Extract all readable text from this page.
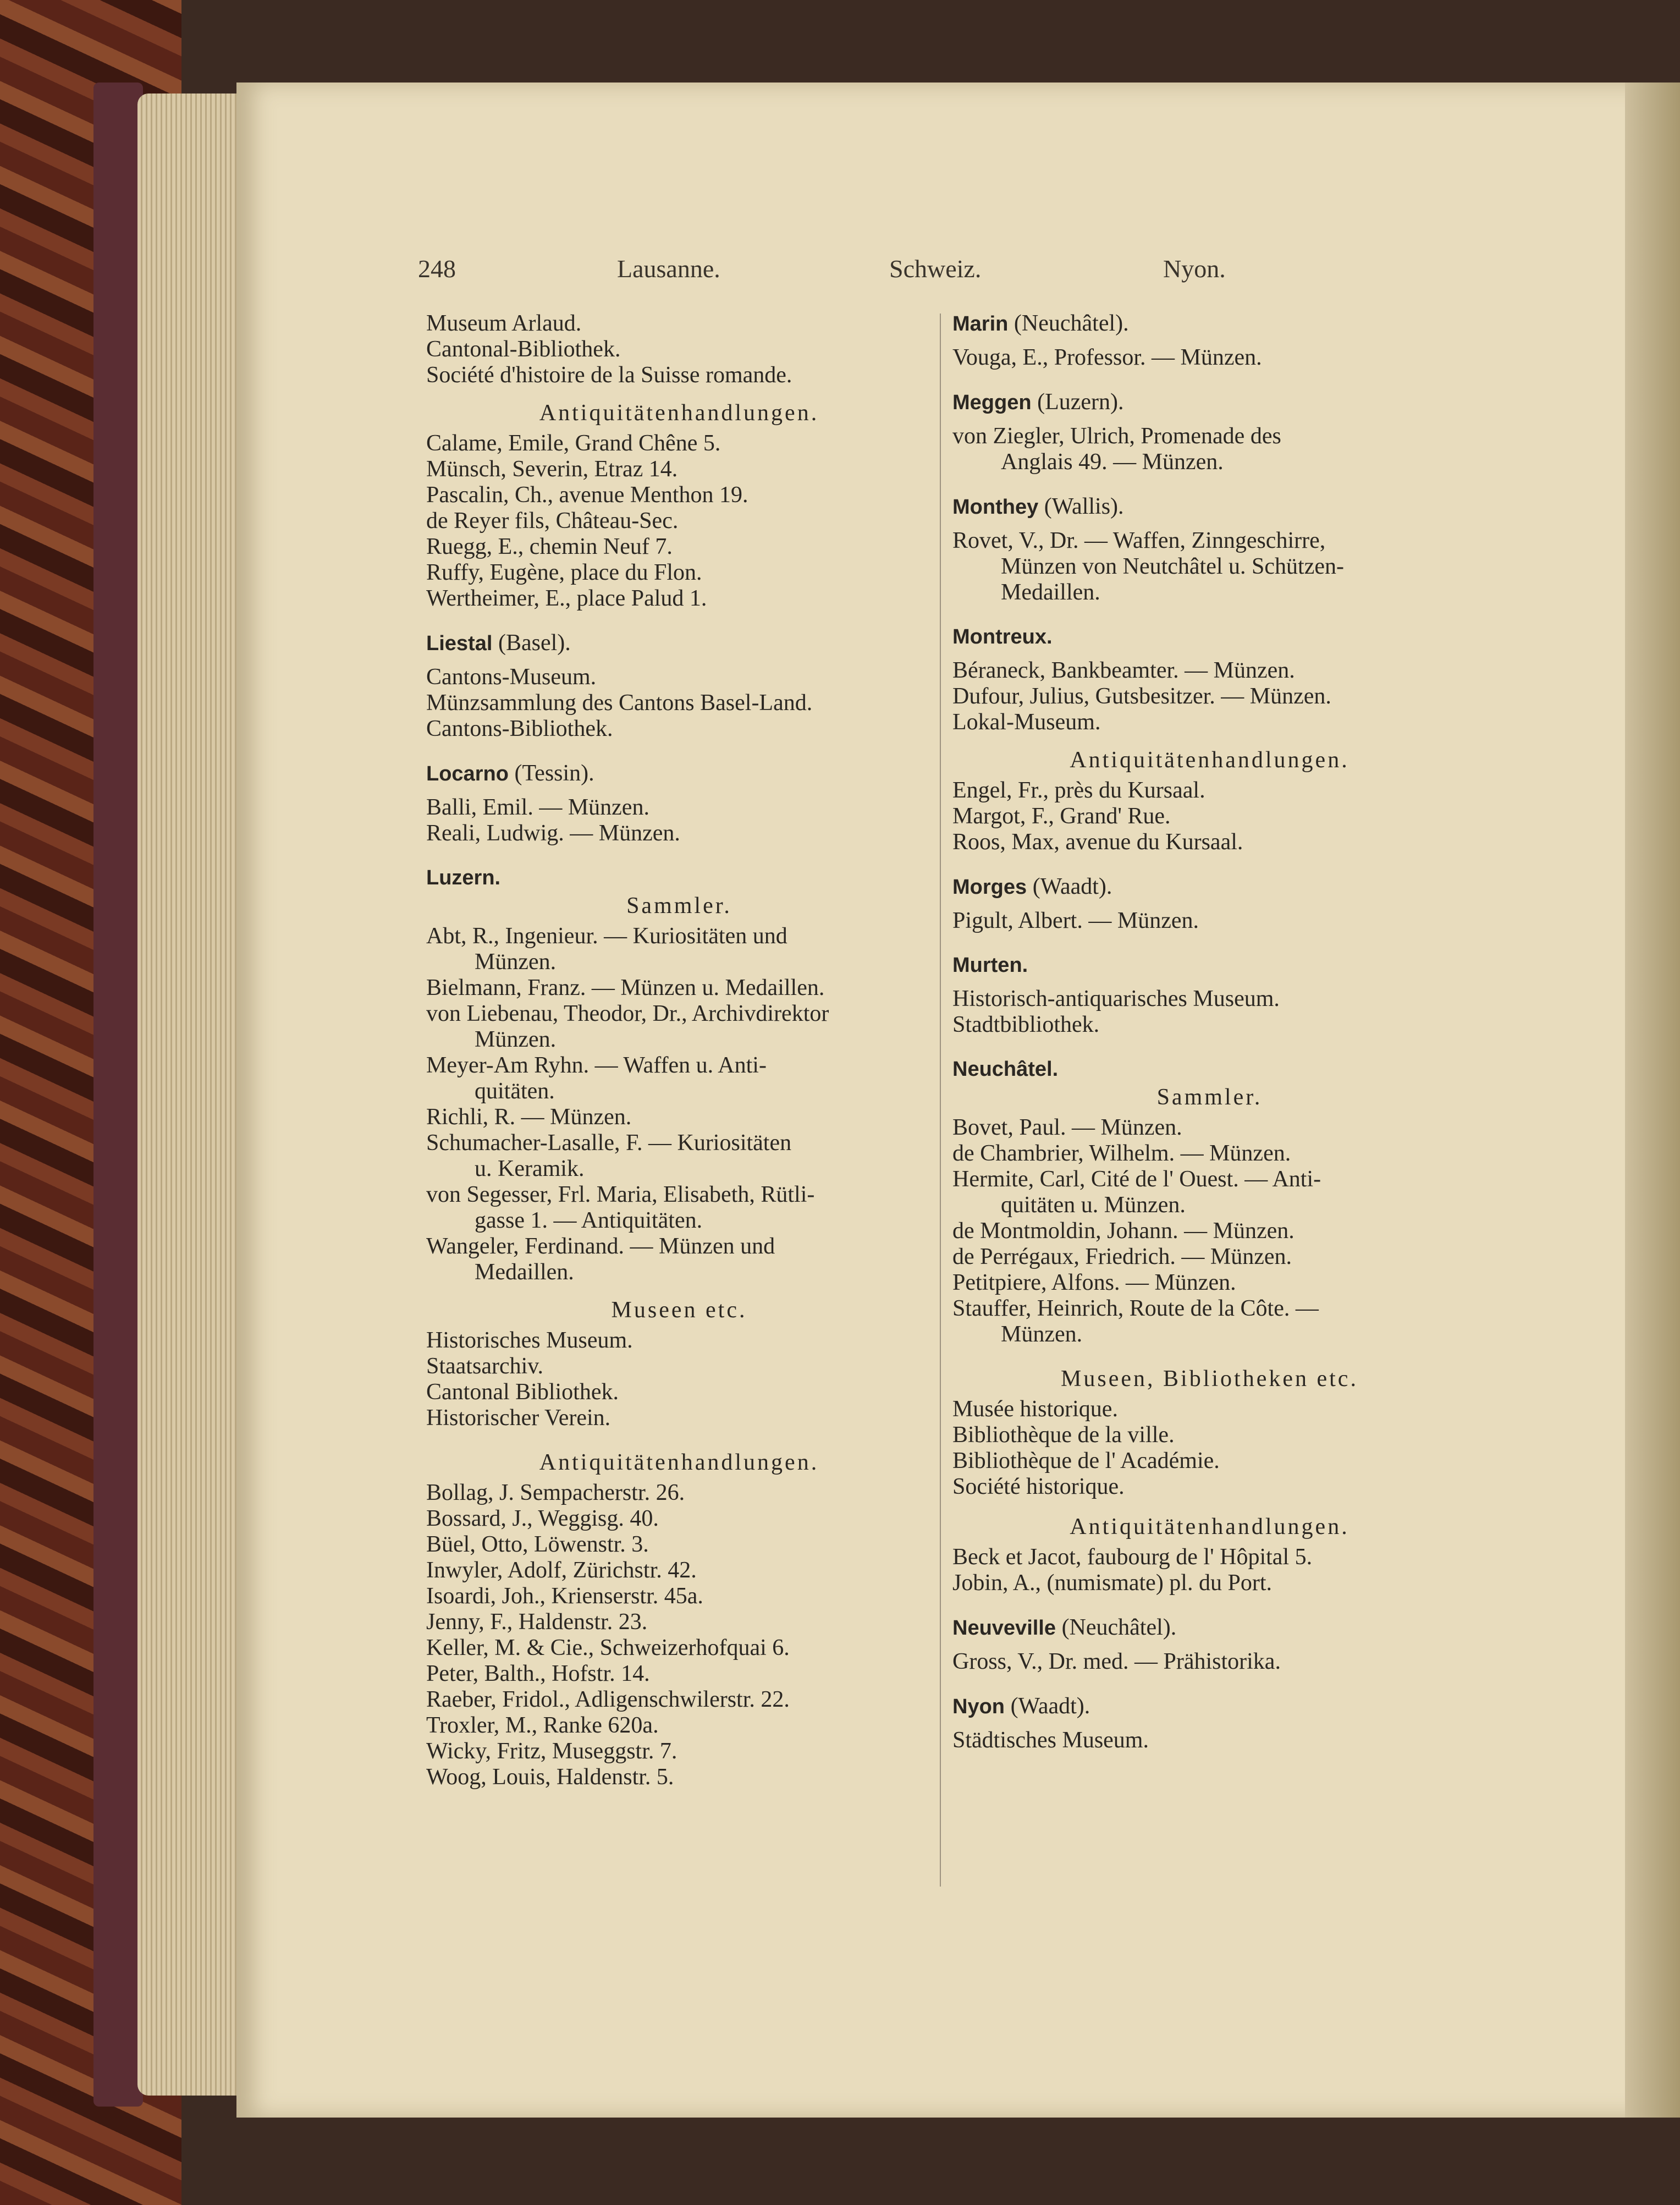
248	Lausanne.	Schweiz.	Nyon.
Museum Arlaud.
Cantonal-Bibliothek.
Société d'histoire de la Suisse romande.
Antiquitätenhandlungen.
Calame, Emile, Grand Chêne 5.
Münsch, Severin, Etraz 14.
Pascalin, Ch., avenue Menthon 19.
de Reyer fils, Château-Sec.
Ruegg, E., chemin Neuf 7.
Ruffy, Eugène, place du Flon.
Wertheimer, E., place Palud 1.
Liestal (Basel).
Cantons-Museum.
Münzsammlung des Cantons Basel-Land.
Cantons-Bibliothek.
Locarno (Tessin).
Balli, Emil. — Münzen.
Reali, Ludwig. — Münzen.
Luzern.
Sammler.
Abt, R., Ingenieur. — Kuriositäten und
Münzen.
Bielmann, Franz. — Münzen u. Medaillen.
von Liebenau, Theodor, Dr., Archivdirektor
Münzen.
Meyer-Am Ryhn. — Waffen u. Anti-
quitäten.
Richli, R. — Münzen.
Schumacher-Lasalle, F. — Kuriositäten
u. Keramik.
von Segesser, Frl. Maria, Elisabeth, Rütli-
gasse 1. — Antiquitäten.
Wangeler, Ferdinand. — Münzen und
Medaillen.
Museen etc.
Historisches Museum.
Staatsarchiv.
Cantonal Bibliothek.
Historischer Verein.
Antiquitätenhandlungen.
Bollag, J. Sempacherstr. 26.
Bossard, J., Weggisg. 40.
Büel, Otto, Löwenstr. 3.
Inwyler, Adolf, Zürichstr. 42.
Isoardi, Joh., Krienserstr. 45a.
Jenny, F., Haldenstr. 23.
Keller, M. & Cie., Schweizerhofquai 6.
Peter, Balth., Hofstr. 14.
Raeber, Fridol., Adligenschwilerstr. 22.
Troxler, M., Ranke 620a.
Wicky, Fritz, Museggstr. 7.
Woog, Louis, Haldenstr. 5.
Marin (Neuchâtel).
Vouga, E., Professor. — Münzen.
Meggen (Luzern).
von Ziegler, Ulrich, Promenade des
Anglais 49. — Münzen.
Monthey (Wallis).
Rovet, V., Dr. — Waffen, Zinngeschirre,
Münzen von Neutchâtel u. Schützen-
Medaillen.
Montreux.
Béraneck, Bankbeamter. — Münzen.
Dufour, Julius, Gutsbesitzer. — Münzen.
Lokal-Museum.
Antiquitätenhandlungen.
Engel, Fr., près du Kursaal.
Margot, F., Grand' Rue.
Roos, Max, avenue du Kursaal.
Morges (Waadt).
Pigult, Albert. — Münzen.
Murten.
Historisch-antiquarisches Museum.
Stadtbibliothek.
Neuchâtel.
Sammler.
Bovet, Paul. — Münzen.
de Chambrier, Wilhelm. — Münzen.
Hermite, Carl, Cité de l' Ouest. — Anti-
quitäten u. Münzen.
de Montmoldin, Johann. — Münzen.
de Perrégaux, Friedrich. — Münzen.
Petitpiere, Alfons. — Münzen.
Stauffer, Heinrich, Route de la Côte. —
Münzen.
Museen, Bibliotheken etc.
Musée historique.
Bibliothèque de la ville.
Bibliothèque de l' Académie.
Société historique.
Antiquitätenhandlungen.
Beck et Jacot, faubourg de l' Hôpital 5.
Jobin, A., (numismate) pl. du Port.
Neuveville (Neuchâtel).
Gross, V., Dr. med. — Prähistorika.
Nyon (Waadt).
Städtisches Museum.
